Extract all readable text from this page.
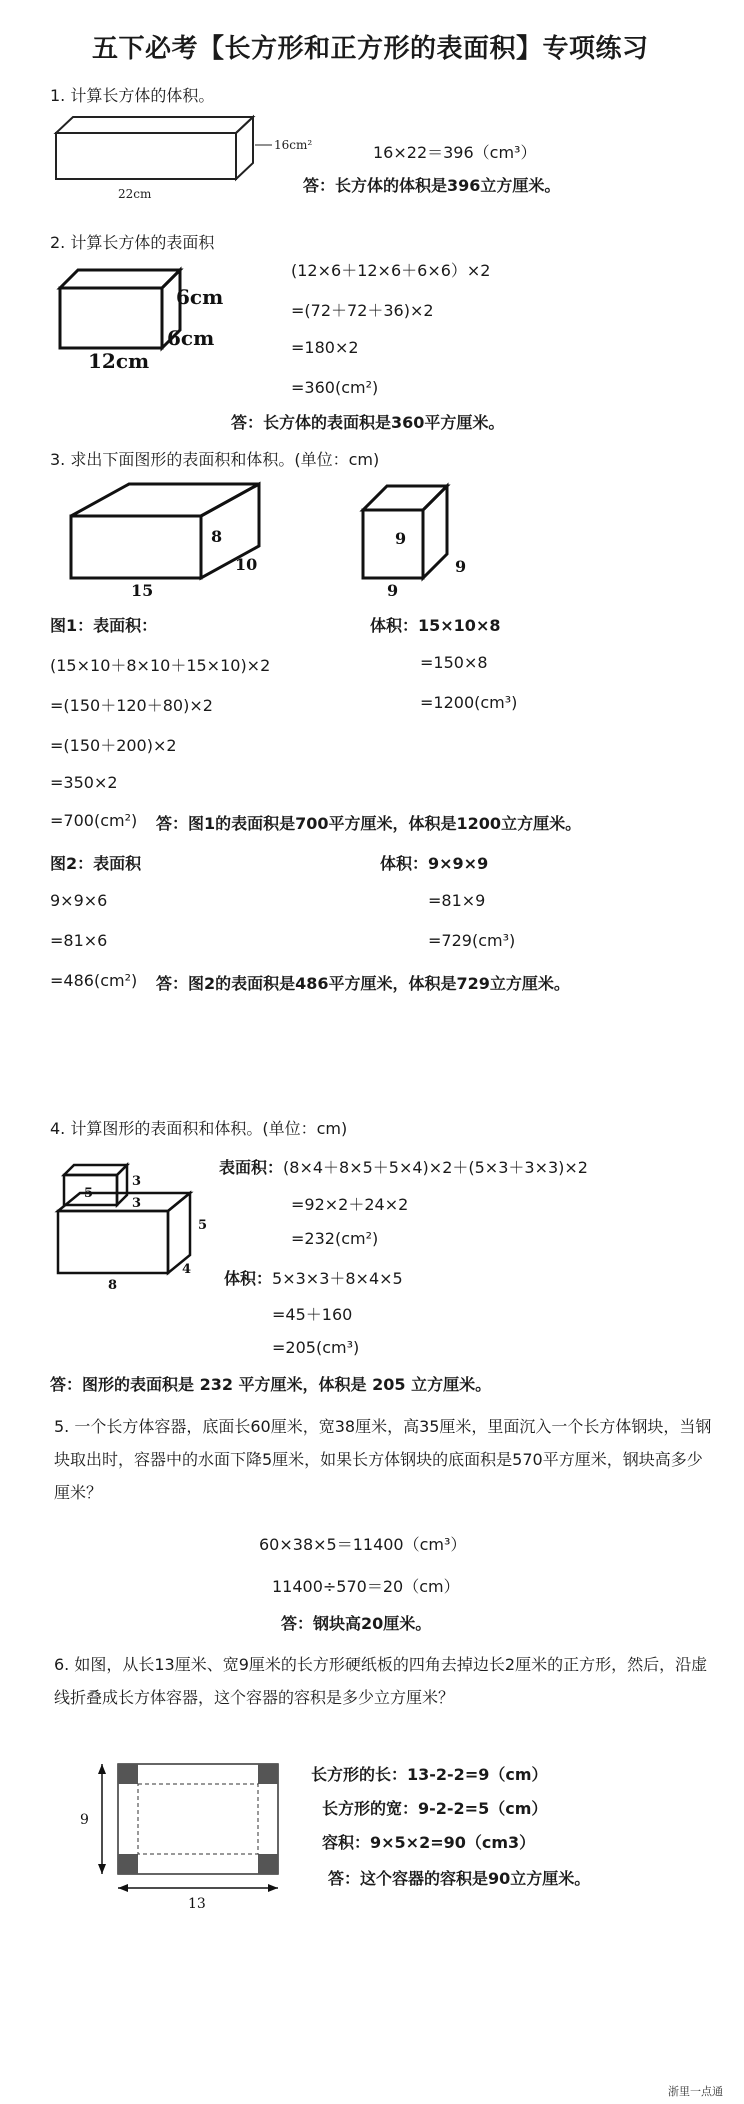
五下必考【长方形和正方形的表面积】专项练习
1. 计算长方体的体积。
16cm²
22cm
16×22＝396（cm³）
答：长方体的体积是396立方厘米。
2. 计算长方体的表面积
6cm
6cm
12cm
(12×6＋12×6＋6×6）×2
=(72＋72＋36)×2
=180×2
=360(cm²)
答：长方体的表面积是360平方厘米。
3. 求出下面图形的表面积和体积。(单位：cm)
8
10
15
9
9
9
图1：表面积：	体积：15×10×8
(15×10＋8×10＋15×10)×2	=150×8
=(150＋120＋80)×2	=1200(cm³)
=(150＋200)×2
=350×2
=700(cm²) 答：图1的表面积是700平方厘米，体积是1200立方厘米。
图2：表面积	体积：9×9×9
9×9×6	=81×9
=81×6	=729(cm³)
=486(cm²) 答：图2的表面积是486平方厘米，体积是729立方厘米。
4. 计算图形的表面积和体积。(单位：cm)
5
3
3
5
4
8
表面积：(8×4＋8×5＋5×4)×2＋(5×3＋3×3)×2
=92×2＋24×2
=232(cm²)
体积：5×3×3＋8×4×5
=45＋160
=205(cm³)
答：图形的表面积是 232 平方厘米，体积是 205 立方厘米。
5. 一个长方体容器，底面长60厘米，宽38厘米，高35厘米，里面沉入一个长方体钢块，当钢块取出时，容器中的水面下降5厘米，如果长方体钢块的底面积是570平方厘米，钢块高多少厘米？
60×38×5＝11400（cm³）
11400÷570＝20（cm）
答：钢块高20厘米。
6. 如图，从长13厘米、宽9厘米的长方形硬纸板的四角去掉边长2厘米的正方形，然后，沿虚线折叠成长方体容器，这个容器的容积是多少立方厘米？
9
13
长方形的长：13-2-2=9（cm）
长方形的宽：9-2-2=5（cm）
容积：9×5×2=90（cm3）
答：这个容器的容积是90立方厘米。
浙里一点通
